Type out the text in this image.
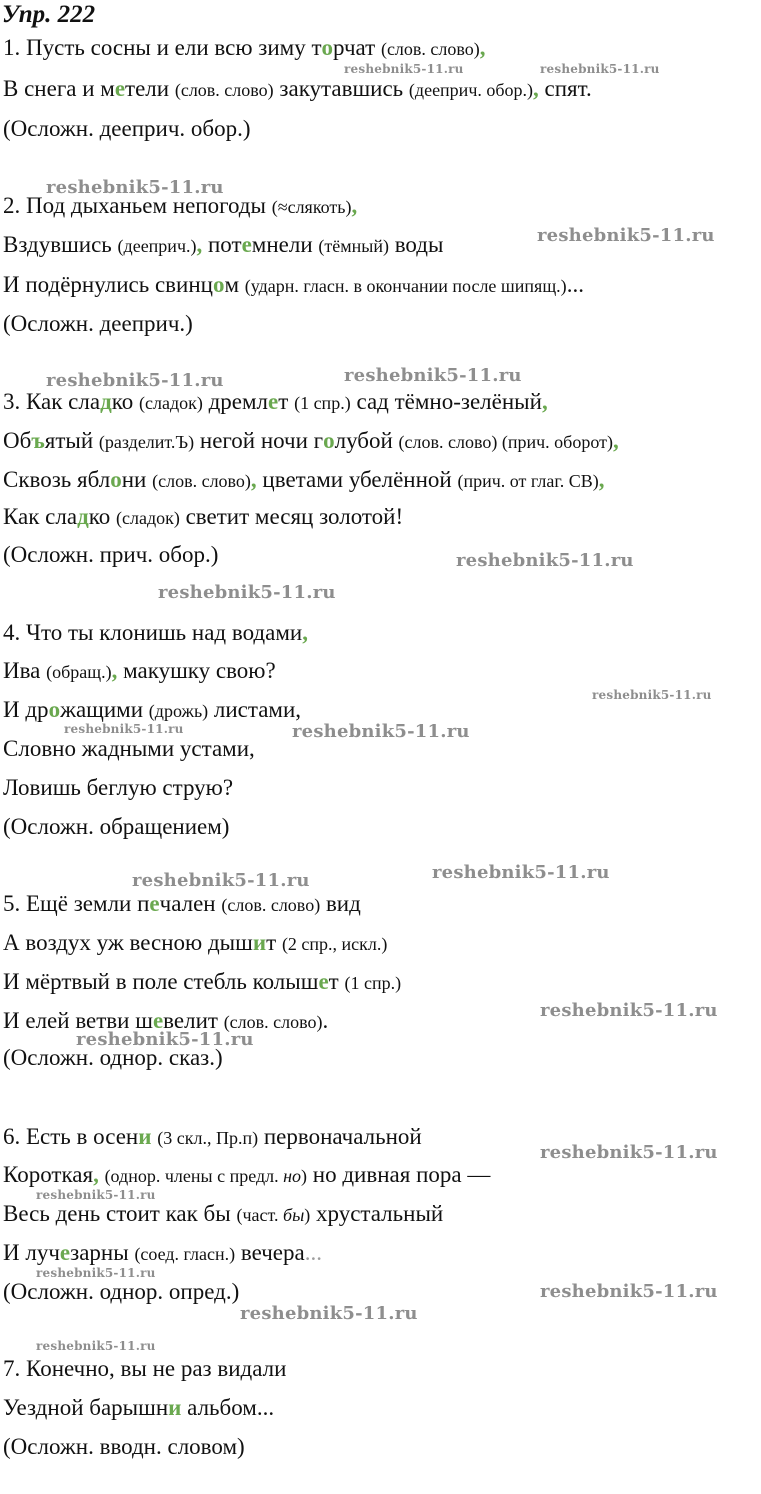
Упр. 222
1. Пусть сосны и ели всю зиму торчат (слов. слово),
В снега и метели (слов. слово) закутавшись (дееприч. обор.), спят.
(Осложн. дееприч. обор.)
2. Под дыханьем непогоды (≈слякоть),
Вздувшись (дееприч.), потемнели (тёмный) воды
И подёрнулись свинцом (ударн. гласн. в окончании после шипящ.)...
(Осложн. дееприч.)
3. Как сладко (сладок) дремлет (1 спр.) сад тёмно-зелёный,
Объятый (разделит.Ъ) негой ночи голубой (слов. слово) (прич. оборот),
Сквозь яблони (слов. слово), цветами убелённой (прич. от глаг. СВ),
Как сладко (сладок) светит месяц золотой!
(Осложн. прич. обор.)
4. Что ты клонишь над водами,
Ива (обращ.), макушку свою?
И дрожащими (дрожь) листами,
Словно жадными устами,
Ловишь беглую струю?
(Осложн. обращением)
5. Ещё земли печален (слов. слово) вид
А воздух уж весною дышит (2 спр., искл.)
И мёртвый в поле стебль колышет (1 спр.)
И елей ветви шевелит (слов. слово).
(Осложн. однор. сказ.)
6. Есть в осени (3 скл., Пр.п) первоначальной
Короткая, (однор. члены с предл. но) но дивная пора —
Весь день стоит как бы (част. бы) хрустальный
И лучезарны (соед. гласн.) вечера...
(Осложн. однор. опред.)
7. Конечно, вы не раз видали
Уездной барышни альбом...
(Осложн. вводн. словом)
reshebnik5-11.ru	reshebnik5-11.ru
reshebnik5-11.ru
reshebnik5-11.ru
reshebnik5-11.ru	reshebnik5-11.ru
reshebnik5-11.ru
reshebnik5-11.ru
reshebnik5-11.ru
reshebnik5-11.ru
reshebnik5-11.ru
reshebnik5-11.ru
reshebnik5-11.ru
reshebnik5-11.ru
reshebnik5-11.ru
reshebnik5-11.ru
reshebnik5-11.ru
reshebnik5-11.ru
reshebnik5-11.ru
reshebnik5-11.ru
reshebnik5-11.ru
